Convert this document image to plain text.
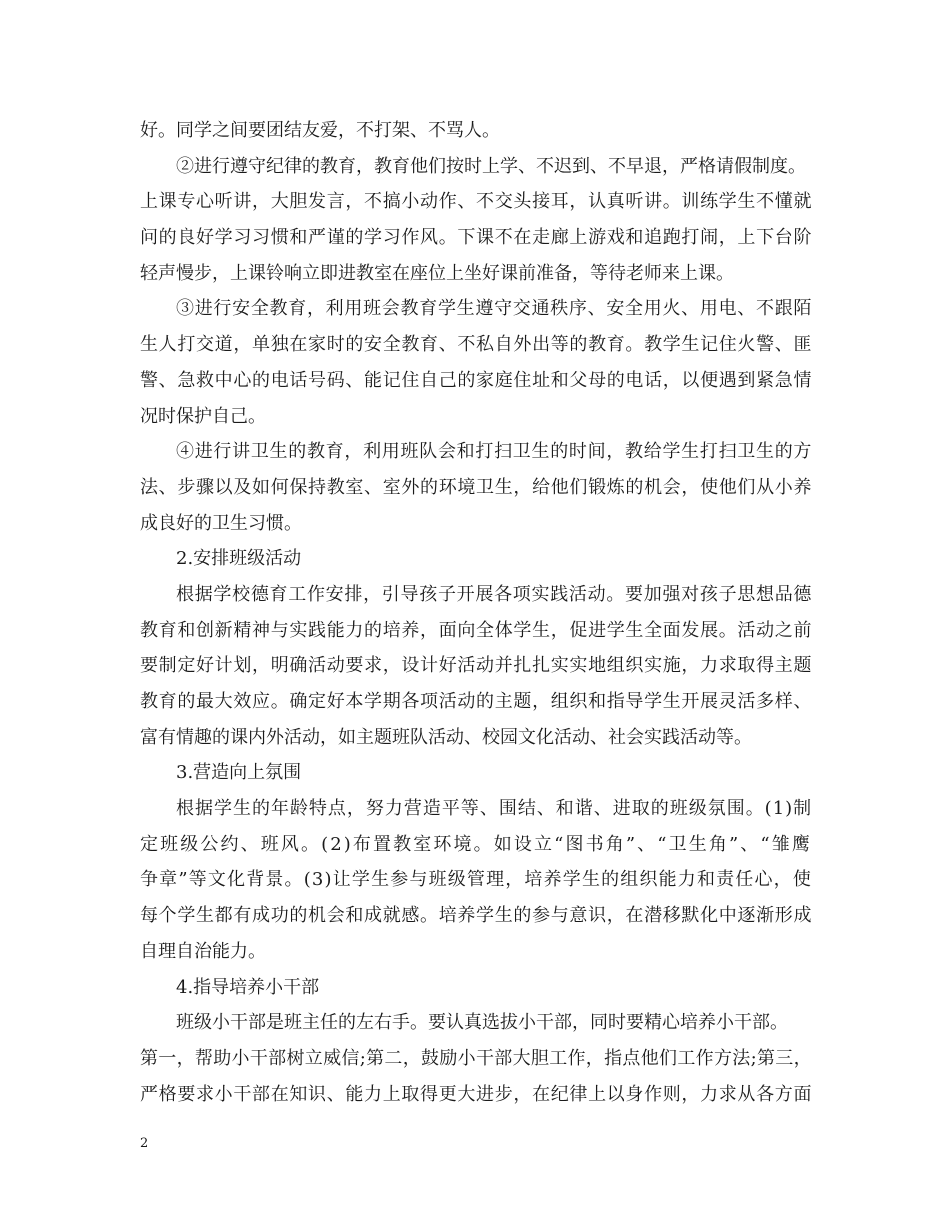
好。同学之间要团结友爱，不打架、不骂人。
②进行遵守纪律的教育，教育他们按时上学、不迟到、不早退，严格请假制度。
上课专心听讲，大胆发言，不搞小动作、不交头接耳，认真听讲。训练学生不懂就
问的良好学习习惯和严谨的学习作风。下课不在走廊上游戏和追跑打闹，上下台阶
轻声慢步，上课铃响立即进教室在座位上坐好课前准备，等待老师来上课。
③进行安全教育，利用班会教育学生遵守交通秩序、安全用火、用电、不跟陌
生人打交道，单独在家时的安全教育、不私自外出等的教育。教学生记住火警、匪
警、急救中心的电话号码、能记住自己的家庭住址和父母的电话，以便遇到紧急情
况时保护自己。
④进行讲卫生的教育，利用班队会和打扫卫生的时间，教给学生打扫卫生的方
法、步骤以及如何保持教室、室外的环境卫生，给他们锻炼的机会，使他们从小养
成良好的卫生习惯。
2.安排班级活动
根据学校德育工作安排，引导孩子开展各项实践活动。要加强对孩子思想品德
教育和创新精神与实践能力的培养，面向全体学生，促进学生全面发展。活动之前
要制定好计划，明确活动要求，设计好活动并扎扎实实地组织实施，力求取得主题
教育的最大效应。确定好本学期各项活动的主题，组织和指导学生开展灵活多样、
富有情趣的课内外活动，如主题班队活动、校园文化活动、社会实践活动等。
3.营造向上氛围
根据学生的年龄特点，努力营造平等、围结、和谐、进取的班级氛围。(1)制
定班级公约、班风。(2)布置教室环境。如设立“图书角”、“卫生角”、“雏鹰
争章”等文化背景。(3)让学生参与班级管理，培养学生的组织能力和责任心，使
每个学生都有成功的机会和成就感。培养学生的参与意识，在潜移默化中逐渐形成
自理自治能力。
4.指导培养小干部
班级小干部是班主任的左右手。要认真选拔小干部，同时要精心培养小干部。
第一，帮助小干部树立威信;第二，鼓励小干部大胆工作，指点他们工作方法;第三，
严格要求小干部在知识、能力上取得更大进步，在纪律上以身作则，力求从各方面
2
